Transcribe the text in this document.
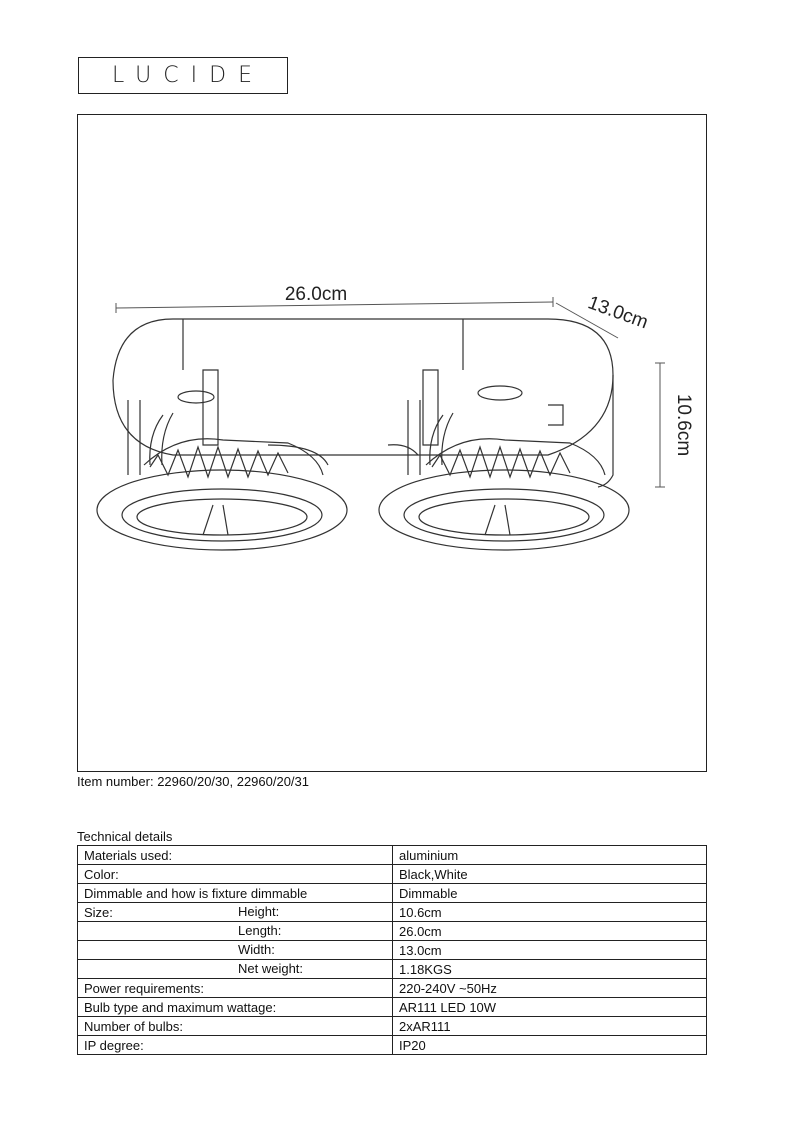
LUCIDE
26.0cm	13.0cm
10.6cm
Item number: 22960/20/30, 22960/20/31
Technical details
Materials used:	aluminium
Color:	Black,White
Dimmable and how is fixture dimmable	Dimmable
Size: Height:	10.6cm

Length:	26.0cm

Width:	13.0cm

Net weight:	1.18KGS
Power requirements:	220-240V ~50Hz
Bulb type and maximum wattage:	AR111 LED 10W
Number of bulbs:	2xAR111
IP degree:	IP20
